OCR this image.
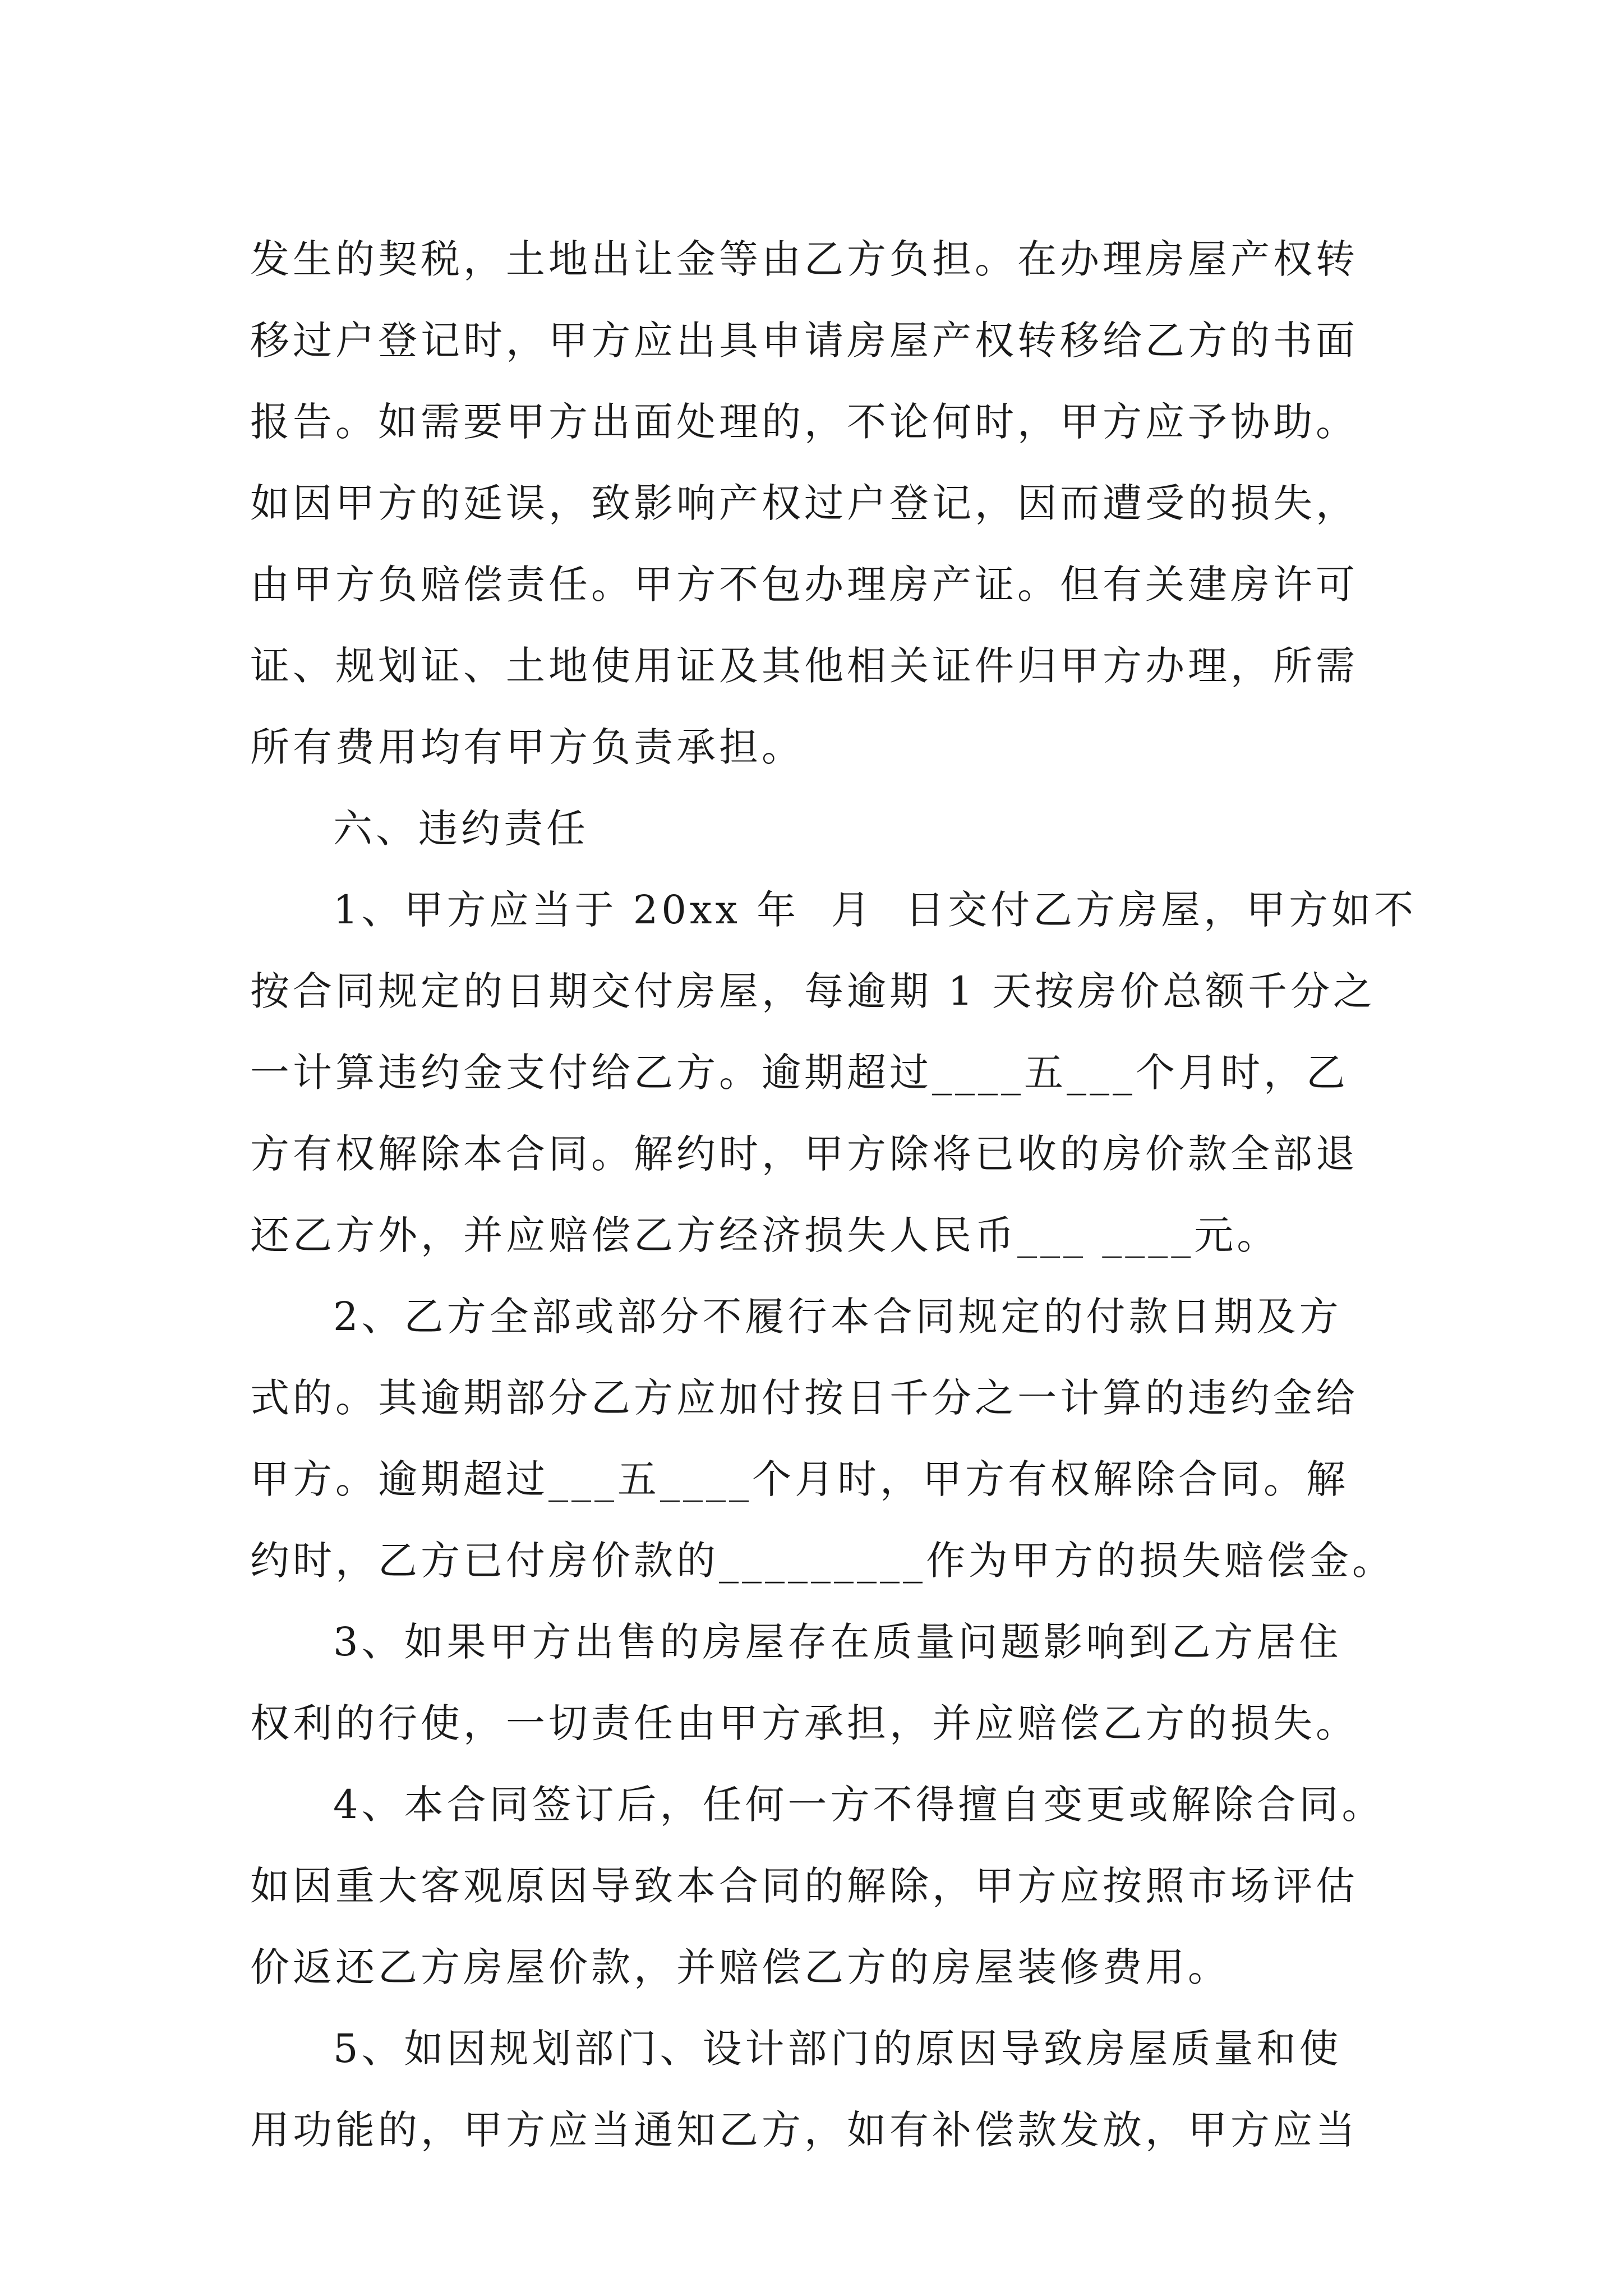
发生的契税，土地出让金等由乙方负担。在办理房屋产权转
移过户登记时，甲方应出具申请房屋产权转移给乙方的书面
报告。如需要甲方出面处理的，不论何时，甲方应予协助。
如因甲方的延误，致影响产权过户登记，因而遭受的损失，
由甲方负赔偿责任。甲方不包办理房产证。但有关建房许可
证、规划证、土地使用证及其他相关证件归甲方办理，所需
所有费用均有甲方负责承担。
六、违约责任
1、甲方应当于 20xx 年  月  日交付乙方房屋，甲方如不
按合同规定的日期交付房屋，每逾期 1 天按房价总额千分之
一计算违约金支付给乙方。逾期超过____五___个月时，乙
方有权解除本合同。解约时，甲方除将已收的房价款全部退
还乙方外，并应赔偿乙方经济损失人民币___ ____元。
2、乙方全部或部分不履行本合同规定的付款日期及方
式的。其逾期部分乙方应加付按日千分之一计算的违约金给
甲方。逾期超过___五____个月时，甲方有权解除合同。解
约时，乙方已付房价款的_________作为甲方的损失赔偿金。
3、如果甲方出售的房屋存在质量问题影响到乙方居住
权利的行使，一切责任由甲方承担，并应赔偿乙方的损失。
4、本合同签订后，任何一方不得擅自变更或解除合同。
如因重大客观原因导致本合同的解除，甲方应按照市场评估
价返还乙方房屋价款，并赔偿乙方的房屋装修费用。
5、如因规划部门、设计部门的原因导致房屋质量和使
用功能的，甲方应当通知乙方，如有补偿款发放，甲方应当
